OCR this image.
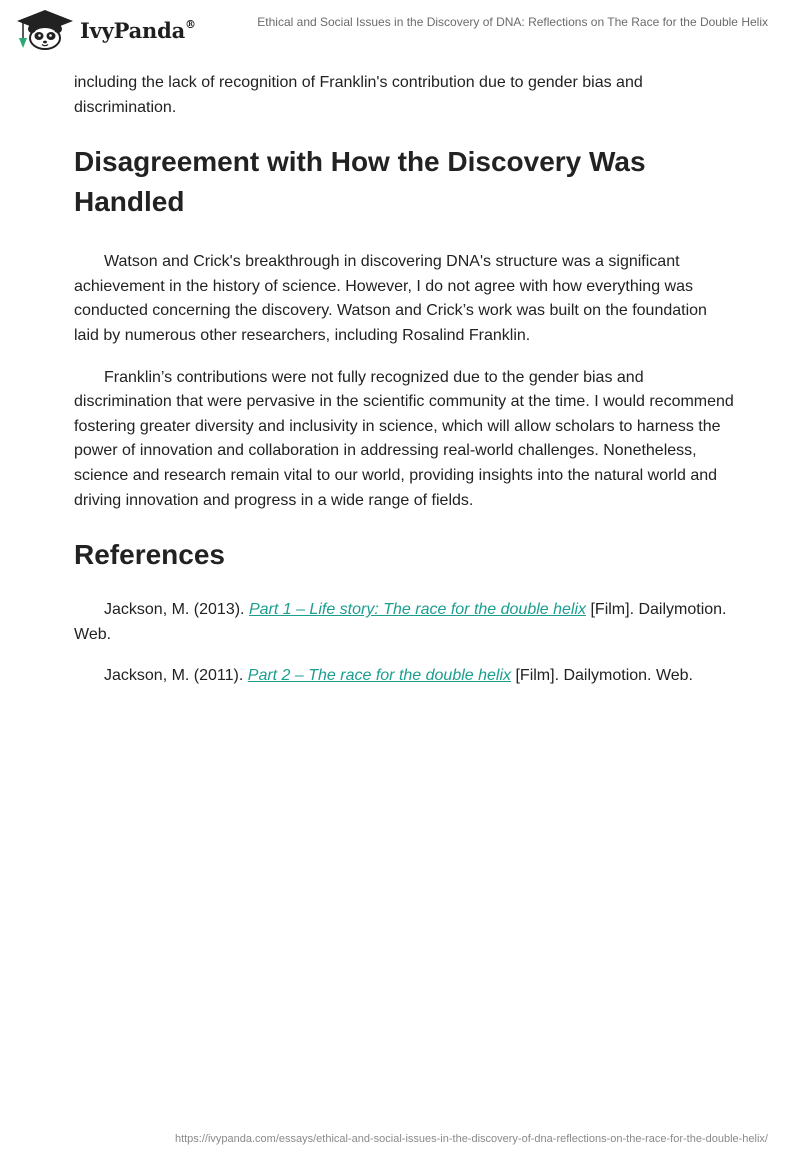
IvyPanda®	Ethical and Social Issues in the Discovery of DNA: Reflections on The Race for the Double Helix

including the lack of recognition of Franklin's contribution due to gender bias and discrimination.

Disagreement with How the Discovery Was Handled

Watson and Crick's breakthrough in discovering DNA's structure was a significant achievement in the history of science. However, I do not agree with how everything was conducted concerning the discovery. Watson and Crick’s work was built on the foundation laid by numerous other researchers, including Rosalind Franklin.

Franklin’s contributions were not fully recognized due to the gender bias and discrimination that were pervasive in the scientific community at the time. I would recommend fostering greater diversity and inclusivity in science, which will allow scholars to harness the power of innovation and collaboration in addressing real-world challenges. Nonetheless, science and research remain vital to our world, providing insights into the natural world and driving innovation and progress in a wide range of fields.

References

Jackson, M. (2013). Part 1 – Life story: The race for the double helix [Film]. Dailymotion. Web.

Jackson, M. (2011). Part 2 – The race for the double helix [Film]. Dailymotion. Web.

https://ivypanda.com/essays/ethical-and-social-issues-in-the-discovery-of-dna-reflections-on-the-race-for-the-double-helix/
